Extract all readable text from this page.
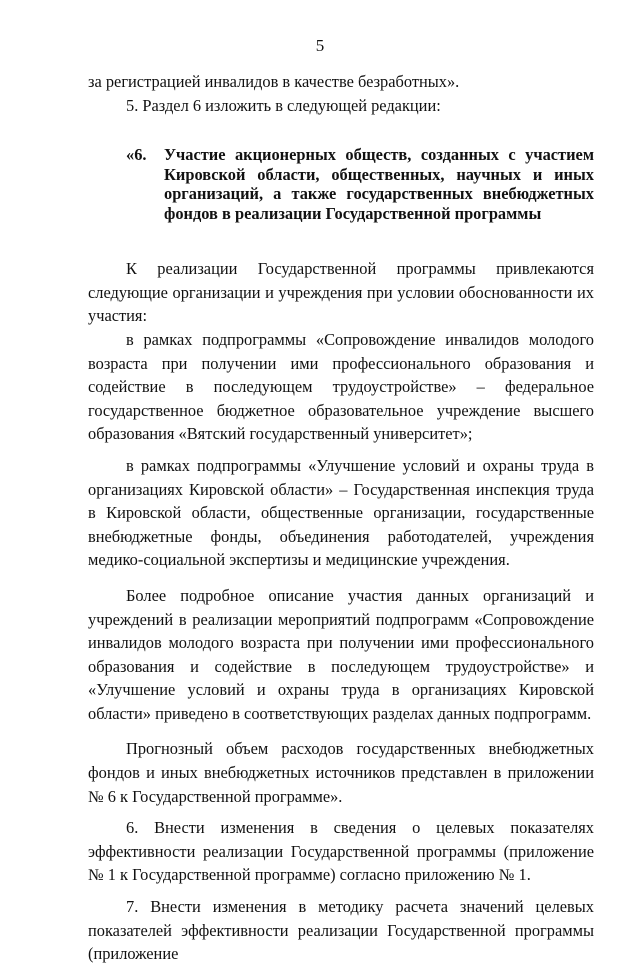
5

за регистрацией инвалидов в качестве безработных».

5. Раздел 6 изложить в следующей редакции:

«6.	Участие акционерных обществ, созданных с участием Кировской области, общественных, научных и иных организаций, а также государственных внебюджетных фондов в реализации Государственной программы

К реализации Государственной программы привлекаются следующие организации и учреждения при условии обоснованности их участия:

в рамках подпрограммы «Сопровождение инвалидов молодого возраста при получении ими профессионального образования и содействие в последующем трудоустройстве» – федеральное государственное бюджетное образовательное учреждение высшего образования «Вятский государственный университет»;

в рамках подпрограммы «Улучшение условий и охраны труда в организациях Кировской области» – Государственная инспекция труда в Кировской области, общественные организации, государственные внебюджетные фонды, объединения работодателей, учреждения медико-социальной экспертизы и медицинские учреждения.

Более подробное описание участия данных организаций и учреждений в реализации мероприятий подпрограмм «Сопровождение инвалидов молодого возраста при получении ими профессионального образования и содействие в последующем трудоустройстве» и «Улучшение условий и охраны труда в организациях Кировской области» приведено в соответствующих разделах данных подпрограмм.

Прогнозный объем расходов государственных внебюджетных фондов и иных внебюджетных источников представлен в приложении № 6 к Государственной программе».

6. Внести изменения в сведения о целевых показателях эффективности реализации Государственной программы (приложение № 1 к Государственной программе) согласно приложению № 1.

7. Внести изменения в методику расчета значений целевых показателей эффективности реализации Государственной программы (приложение
